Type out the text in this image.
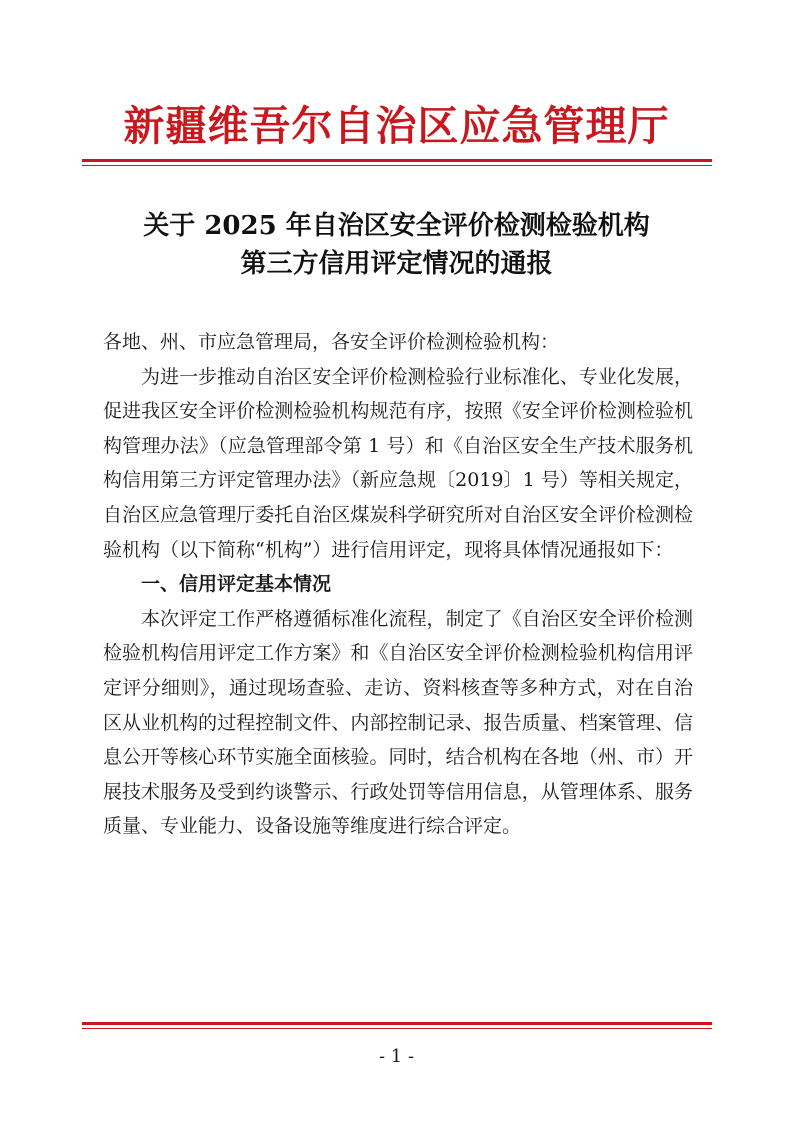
新疆维吾尔自治区应急管理厅
关于 2025 年自治区安全评价检测检验机构
第三方信用评定情况的通报

各地、州、市应急管理局，各安全评价检测检验机构：

为进一步推动自治区安全评价检测检验行业标准化、专业化发展，促进我区安全评价检测检验机构规范有序，按照《安全评价检测检验机构管理办法》（应急管理部令第 1 号）和《自治区安全生产技术服务机构信用第三方评定管理办法》（新应急规〔2019〕1 号）等相关规定，自治区应急管理厅委托自治区煤炭科学研究所对自治区安全评价检测检验机构（以下简称“机构”）进行信用评定，现将具体情况通报如下：

一、信用评定基本情况

本次评定工作严格遵循标准化流程，制定了《自治区安全评价检测检验机构信用评定工作方案》和《自治区安全评价检测检验机构信用评定评分细则》，通过现场查验、走访、资料核查等多种方式，对在自治区从业机构的过程控制文件、内部控制记录、报告质量、档案管理、信息公开等核心环节实施全面核验。同时，结合机构在各地（州、市）开展技术服务及受到约谈警示、行政处罚等信用信息，从管理体系、服务质量、专业能力、设备设施等维度进行综合评定。

- 1 -
